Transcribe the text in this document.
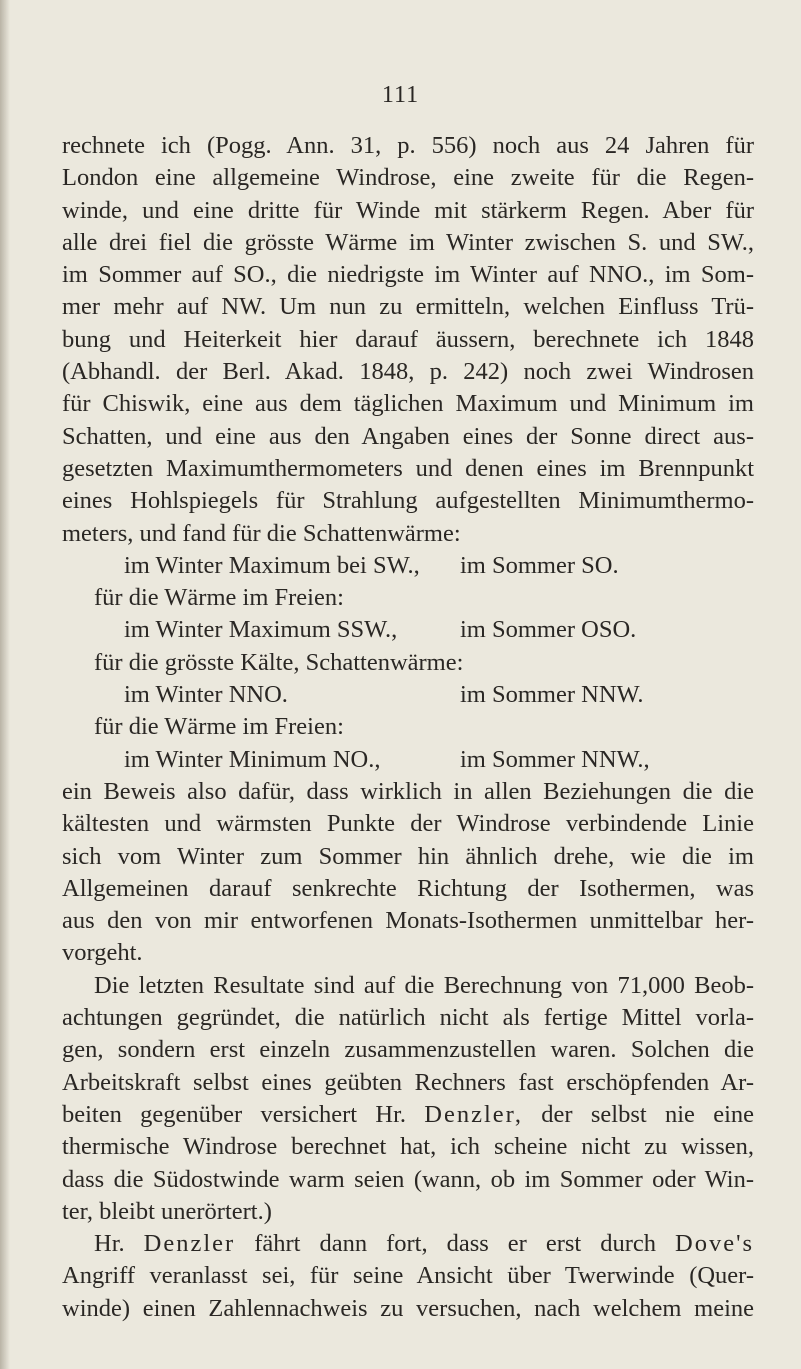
111
rechnete ich (Pogg. Ann. 31, p. 556) noch aus 24 Jahren für
London eine allgemeine Windrose, eine zweite für die Regen-
winde, und eine dritte für Winde mit stärkerm Regen. Aber für
alle drei fiel die grösste Wärme im Winter zwischen S. und SW.,
im Sommer auf SO., die niedrigste im Winter auf NNO., im Som-
mer mehr auf NW. Um nun zu ermitteln, welchen Einfluss Trü-
bung und Heiterkeit hier darauf äussern, berechnete ich 1848
(Abhandl. der Berl. Akad. 1848, p. 242) noch zwei Windrosen
für Chiswik, eine aus dem täglichen Maximum und Minimum im
Schatten, und eine aus den Angaben eines der Sonne direct aus-
gesetzten Maximumthermometers und denen eines im Brennpunkt
eines Hohlspiegels für Strahlung aufgestellten Minimumthermo-
meters, und fand für die Schattenwärme:
im Winter Maximum bei SW., im Sommer SO.
für die Wärme im Freien:
im Winter Maximum SSW.,	im Sommer OSO.
für die grösste Kälte, Schattenwärme:
im Winter NNO.	im Sommer NNW.
für die Wärme im Freien:
im Winter Minimum NO.,	im Sommer NNW.,
ein Beweis also dafür, dass wirklich in allen Beziehungen die die
kältesten und wärmsten Punkte der Windrose verbindende Linie
sich vom Winter zum Sommer hin ähnlich drehe, wie die im
Allgemeinen darauf senkrechte Richtung der Isothermen, was
aus den von mir entworfenen Monats-Isothermen unmittelbar her-
vorgeht.
Die letzten Resultate sind auf die Berechnung von 71,000 Beob-
achtungen gegründet, die natürlich nicht als fertige Mittel vorla-
gen, sondern erst einzeln zusammenzustellen waren. Solchen die
Arbeitskraft selbst eines geübten Rechners fast erschöpfenden Ar-
beiten gegenüber versichert Hr. Denzler, der selbst nie eine
thermische Windrose berechnet hat, ich scheine nicht zu wissen,
dass die Südostwinde warm seien (wann, ob im Sommer oder Win-
ter, bleibt unerörtert.)
Hr. Denzler fährt dann fort, dass er erst durch Dove's
Angriff veranlasst sei, für seine Ansicht über Twerwinde (Quer-
winde) einen Zahlennachweis zu versuchen, nach welchem meine
